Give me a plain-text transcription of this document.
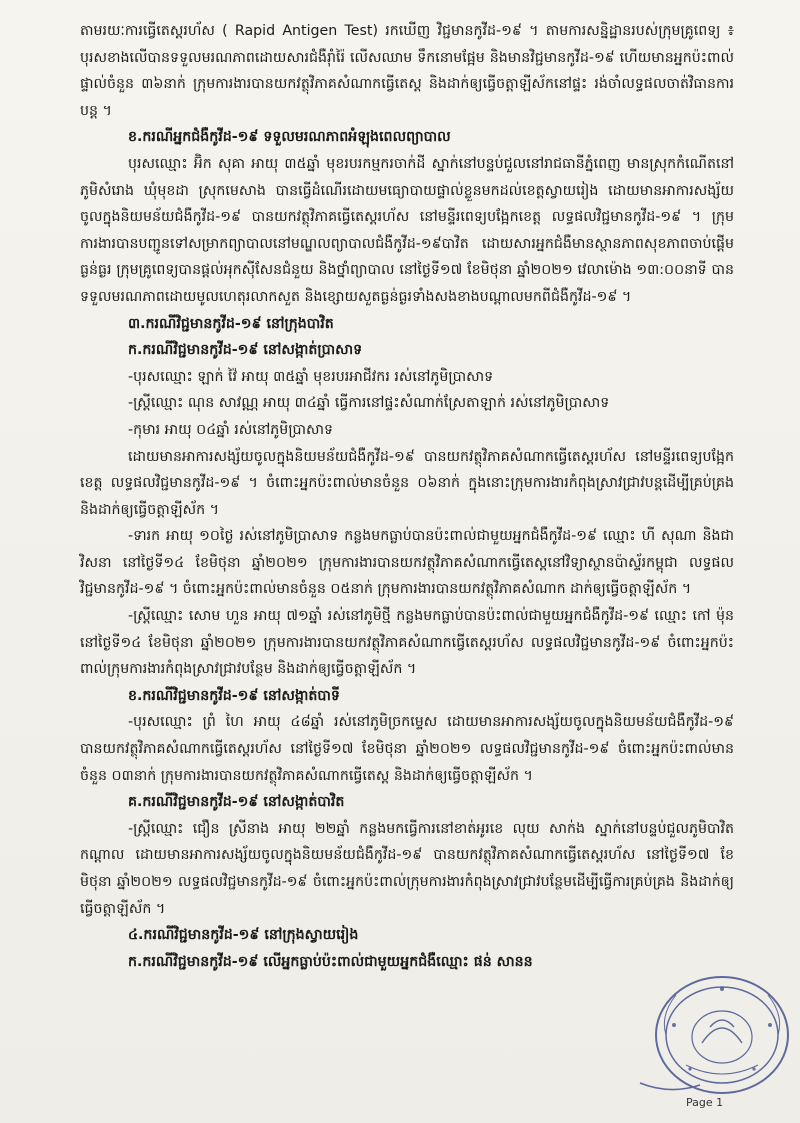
តាមរយៈការធ្វើតេស្តរហ័ស ( Rapid Antigen Test) រកឃើញ វិជ្ជមានកូវីដ-១៩ ។ តាមការសន្និដ្ឋានរបស់ក្រុមគ្រូពេទ្យ ៖ បុរសខាងលើបានទទួលមរណភាពដោយសារជំងឺរ៉ាំរ៉ៃ លើសឈាម ទឹកនោមផ្អែម និងមានវិជ្ជមានកូវីដ-១៩ ហើយមានអ្នកប៉ះពាល់ផ្ទាល់ចំនួន ៣៦នាក់ ក្រុមការងារបានយកវត្ថុវិភាគសំណាកធ្វើតេស្ត និងដាក់ឲ្យធ្វើចត្តាឡីស័កនៅផ្ទះ រង់ចាំលទ្ធផលចាត់វិធានការបន្ត ។

ខ.ករណីអ្នកជំងឺកូវីដ-១៩ ទទួលមរណភាពអំឡុងពេលព្យាបាល

បុរសឈ្មោះ អ៊ិក សុគា អាយុ ៣៥ឆ្នាំ មុខរបរកម្មករចាក់ដី ស្នាក់នៅបន្ទប់ជួលនៅរាជធានីភ្នំពេញ មានស្រុកកំណើតនៅភូមិសំរោង ឃុំមុខដា ស្រុកមេសាង បានធ្វើដំណើរដោយមធ្យោបាយផ្ទាល់ខ្លួនមកដល់ខេត្តស្វាយរៀង ដោយមានអាការសង្ស័យចូលក្នុងនិយមន័យជំងឺកូវីដ-១៩ បានយកវត្ថុវិភាគធ្វើតេស្តរហ័ស នៅមន្ទីរពេទ្យបង្អែកខេត្ត លទ្ធផលវិជ្ជមានកូវីដ-១៩ ។ ក្រុមការងារបានបញ្ជូនទៅសម្រាកព្យាបាលនៅមណ្ឌលព្យាបាលជំងឺកូវីដ-១៩បាវិត ដោយសារអ្នកជំងឺមានស្ថានភាពសុខភាពចាប់ផ្តើមធ្ងន់ធ្ងរ ក្រុមគ្រូពេទ្យបានផ្តល់អុកស៊ីសែនជំនួយ និងថ្នាំព្យាបាល នៅថ្ងៃទី១៧ ខែមិថុនា ឆ្នាំ២០២១ វេលាម៉ោង ១៣:០០នាទី បានទទួលមរណភាពដោយមូលហេតុរលាកសួត និងខ្សោយសួតធ្ងន់ធ្ងរទាំងសងខាងបណ្តាលមកពីជំងឺកូវីដ-១៩ ។

៣.ករណីវិជ្ជមានកូវីដ-១៩ នៅក្រុងបាវិត

ក.ករណីវិជ្ជមានកូវីដ-១៩ នៅសង្កាត់ប្រាសាទ

-បុរសឈ្មោះ ឡាក់ វ៉ៃ អាយុ ៣៥ឆ្នាំ មុខរបរអាជីវករ រស់នៅភូមិប្រាសាទ

-ស្ត្រីឈ្មោះ ណុន សាវណ្ណ អាយុ ៣៤ឆ្នាំ ធ្វើការនៅផ្ទះសំណាក់ស្រែតាឡាក់ រស់នៅភូមិប្រាសាទ

-កុមារ អាយុ ០៤ឆ្នាំ រស់នៅភូមិប្រាសាទ

ដោយមានអាការសង្ស័យចូលក្នុងនិយមន័យជំងឺកូវីដ-១៩ បានយកវត្ថុវិភាគសំណាកធ្វើតេស្តរហ័ស នៅមន្ទីរពេទ្យបង្អែកខេត្ត លទ្ធផលវិជ្ជមានកូវីដ-១៩ ។ ចំពោះអ្នកប៉ះពាល់មានចំនួន ០៦នាក់ ក្នុងនោះក្រុមការងារកំពុងស្រាវជ្រាវបន្តដើម្បីគ្រប់គ្រង និងដាក់ឲ្យធ្វើចត្តាឡីស័ក ។

-ទារក អាយុ ១០ថ្ងៃ រស់នៅភូមិប្រាសាទ កន្លងមកធ្លាប់បានប៉ះពាល់ជាមួយអ្នកជំងឺកូវីដ-១៩ ឈ្មោះ ហី សុណា និងជា វិសនា នៅថ្ងៃទី១៤ ខែមិថុនា ឆ្នាំ២០២១ ក្រុមការងារបានយកវត្ថុវិភាគសំណាកធ្វើតេស្តនៅវិទ្យាស្ថានប៉ាស្ទ័រកម្ពុជា លទ្ធផលវិជ្ជមានកូវីដ-១៩ ។ ចំពោះអ្នកប៉ះពាល់មានចំនួន ០៥នាក់ ក្រុមការងារបានយកវត្ថុវិភាគសំណាក ដាក់ឲ្យធ្វើចត្តាឡីស័ក ។

-ស្ត្រីឈ្មោះ សោម ហួន អាយុ ៧១ឆ្នាំ រស់នៅភូមិថ្មី កន្លងមកធ្លាប់បានប៉ះពាល់ជាមួយអ្នកជំងឺកូវីដ-១៩ ឈ្មោះ កៅ ម៉ុន នៅថ្ងៃទី១៤ ខែមិថុនា ឆ្នាំ២០២១ ក្រុមការងារបានយកវត្ថុវិភាគសំណាកធ្វើតេស្តរហ័ស លទ្ធផលវិជ្ជមានកូវីដ-១៩ ចំពោះអ្នកប៉ះពាល់ក្រុមការងារកំពុងស្រាវជ្រាវបន្ថែម និងដាក់ឲ្យធ្វើចត្តាឡីស័ក ។

ខ.ករណីវិជ្ជមានកូវីដ-១៩ នៅសង្កាត់បាទី

-បុរសឈ្មោះ ព្រំ ហៃ អាយុ ៤៨ឆ្នាំ រស់នៅភូមិច្រកម្ទេស ដោយមានអាការសង្ស័យចូលក្នុងនិយមន័យជំងឺកូវីដ-១៩ បានយកវត្ថុវិភាគសំណាកធ្វើតេស្តរហ័ស នៅថ្ងៃទី១៧ ខែមិថុនា ឆ្នាំ២០២១ លទ្ធផលវិជ្ជមានកូវីដ-១៩ ចំពោះអ្នកប៉ះពាល់មានចំនួន ០៣នាក់ ក្រុមការងារបានយកវត្ថុវិភាគសំណាកធ្វើតេស្ត និងដាក់ឲ្យធ្វើចត្តាឡីស័ក ។

គ.ករណីវិជ្ជមានកូវីដ-១៩ នៅសង្កាត់បាវិត

-ស្ត្រីឈ្មោះ ជឿន ស្រីនាង អាយុ ២២ឆ្នាំ កន្លងមកធ្វើការនៅខាត់អូរខេ លុយ សាក់ង ស្នាក់នៅបន្ទប់ជួលភូមិបាវិតកណ្តាល ដោយមានអាការសង្ស័យចូលក្នុងនិយមន័យជំងឺកូវីដ-១៩ បានយកវត្ថុវិភាគសំណាកធ្វើតេស្តរហ័ស នៅថ្ងៃទី១៧ ខែមិថុនា ឆ្នាំ២០២១ លទ្ធផលវិជ្ជមានកូវីដ-១៩ ចំពោះអ្នកប៉ះពាល់ក្រុមការងារកំពុងស្រាវជ្រាវបន្ថែមដើម្បីធ្វើការគ្រប់គ្រង និងដាក់ឲ្យធ្វើចត្តាឡីស័ក ។

៤.ករណីវិជ្ជមានកូវីដ-១៩ នៅក្រុងស្វាយរៀង

ក.ករណីវិជ្ជមានកូវីដ-១៩ លើអ្នកធ្លាប់ប៉ះពាល់ជាមួយអ្នកជំងឺឈ្មោះ ផន់ សានន

Page 1
